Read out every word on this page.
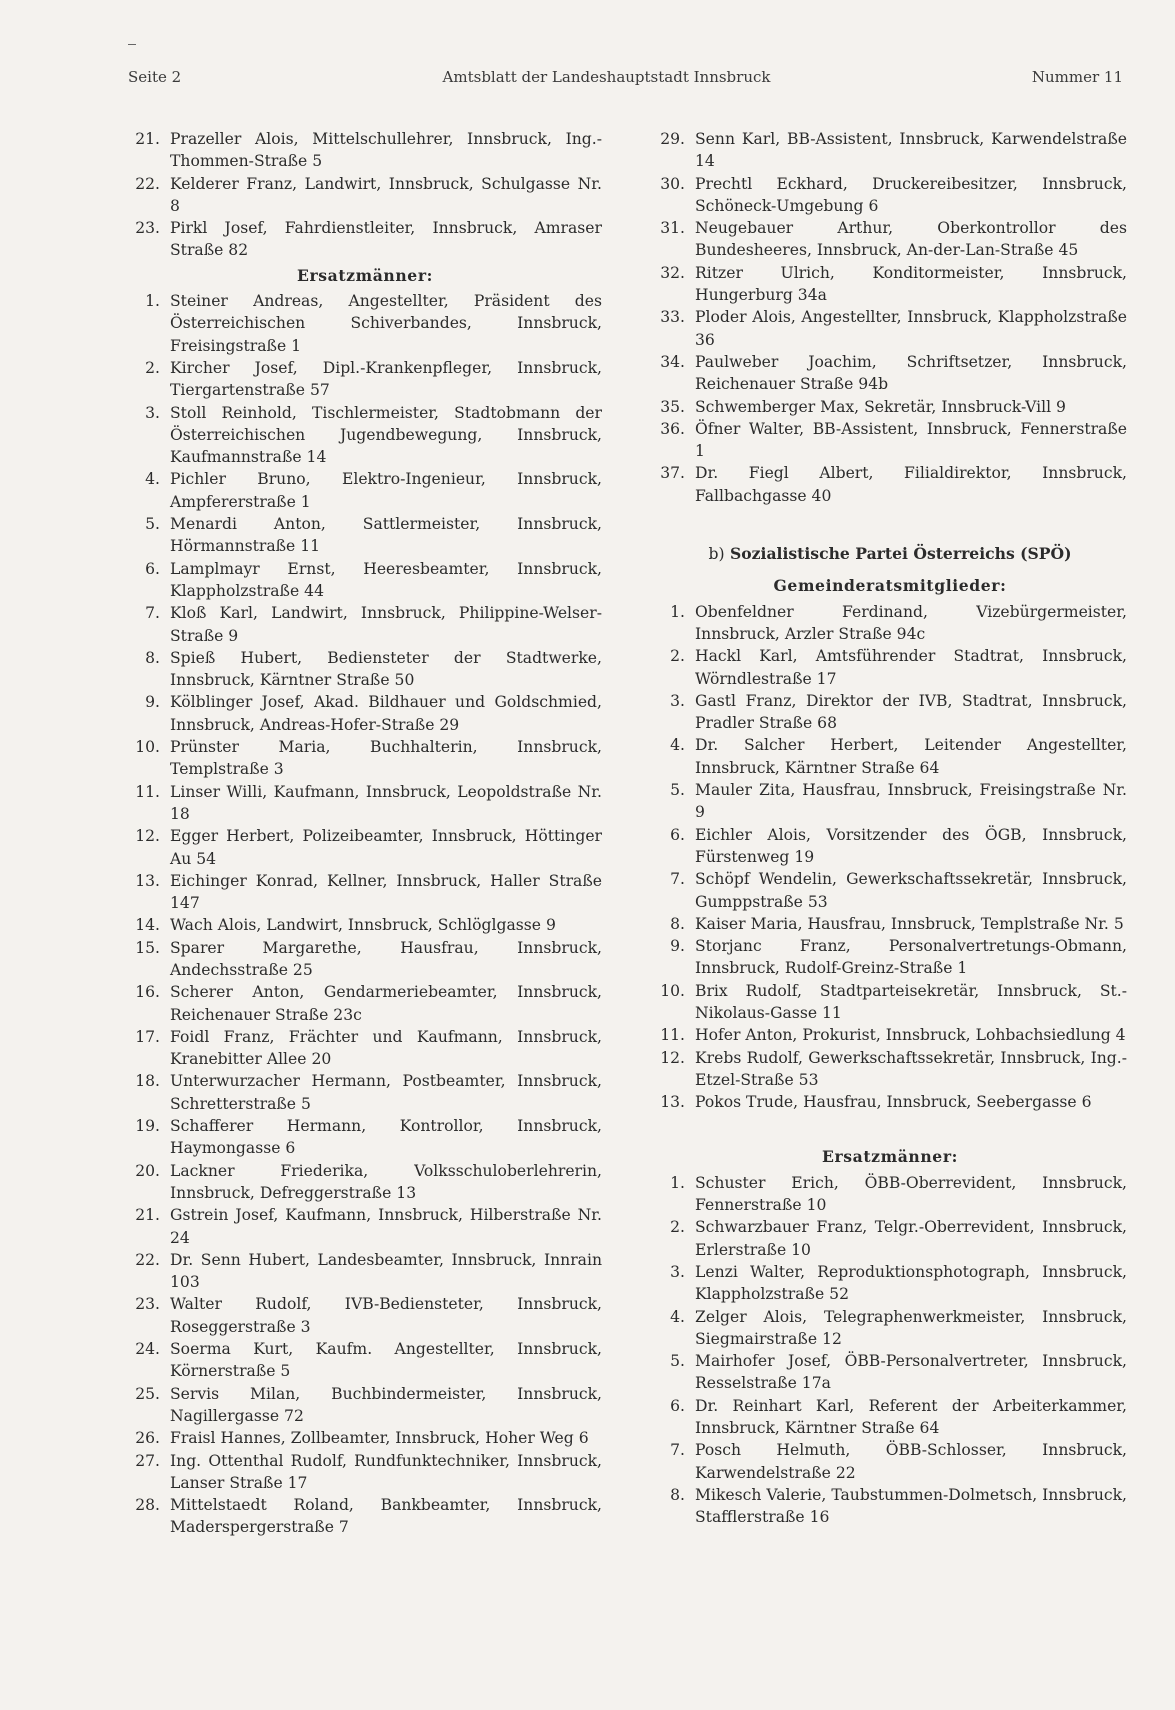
Seite 2	Amtsblatt der Landeshauptstadt Innsbruck	Nummer 11
21. Prazeller Alois, Mittelschullehrer, Innsbruck, Ing.-Thommen-Straße 5
22. Kelderer Franz, Landwirt, Innsbruck, Schulgasse Nr. 8
23. Pirkl Josef, Fahrdienstleiter, Innsbruck, Amraser Straße 82
Ersatzmänner:
1. Steiner Andreas, Angestellter, Präsident des Österreichischen Schiverbandes, Innsbruck, Freisingstraße 1
2. Kircher Josef, Dipl.-Krankenpfleger, Innsbruck, Tiergartenstraße 57
3. Stoll Reinhold, Tischlermeister, Stadtobmann der Österreichischen Jugendbewegung, Innsbruck, Kaufmannstraße 14
4. Pichler Bruno, Elektro-Ingenieur, Innsbruck, Ampfererstraße 1
5. Menardi Anton, Sattlermeister, Innsbruck, Hörmannstraße 11
6. Lamplmayr Ernst, Heeresbeamter, Innsbruck, Klappholzstraße 44
7. Kloß Karl, Landwirt, Innsbruck, Philippine-Welser-Straße 9
8. Spieß Hubert, Bediensteter der Stadtwerke, Innsbruck, Kärntner Straße 50
9. Kölblinger Josef, Akad. Bildhauer und Goldschmied, Innsbruck, Andreas-Hofer-Straße 29
10. Prünster Maria, Buchhalterin, Innsbruck, Templstraße 3
11. Linser Willi, Kaufmann, Innsbruck, Leopoldstraße Nr. 18
12. Egger Herbert, Polizeibeamter, Innsbruck, Höttinger Au 54
13. Eichinger Konrad, Kellner, Innsbruck, Haller Straße 147
14. Wach Alois, Landwirt, Innsbruck, Schlöglgasse 9
15. Sparer Margarethe, Hausfrau, Innsbruck, Andechsstraße 25
16. Scherer Anton, Gendarmeriebeamter, Innsbruck, Reichenauer Straße 23c
17. Foidl Franz, Frächter und Kaufmann, Innsbruck, Kranebitter Allee 20
18. Unterwurzacher Hermann, Postbeamter, Innsbruck, Schretterstraße 5
19. Schafferer Hermann, Kontrollor, Innsbruck, Haymongasse 6
20. Lackner Friederika, Volksschuloberlehrerin, Innsbruck, Defreggerstraße 13
21. Gstrein Josef, Kaufmann, Innsbruck, Hilberstraße Nr. 24
22. Dr. Senn Hubert, Landesbeamter, Innsbruck, Innrain 103
23. Walter Rudolf, IVB-Bediensteter, Innsbruck, Roseggerstraße 3
24. Soerma Kurt, Kaufm. Angestellter, Innsbruck, Körnerstraße 5
25. Servis Milan, Buchbindermeister, Innsbruck, Nagillergasse 72
26. Fraisl Hannes, Zollbeamter, Innsbruck, Hoher Weg 6
27. Ing. Ottenthal Rudolf, Rundfunktechniker, Innsbruck, Lanser Straße 17
28. Mittelstaedt Roland, Bankbeamter, Innsbruck, Maderspergerstraße 7
29. Senn Karl, BB-Assistent, Innsbruck, Karwendelstraße 14
30. Prechtl Eckhard, Druckereibesitzer, Innsbruck, Schöneck-Umgebung 6
31. Neugebauer Arthur, Oberkontrollor des Bundesheeres, Innsbruck, An-der-Lan-Straße 45
32. Ritzer Ulrich, Konditormeister, Innsbruck, Hungerburg 34a
33. Ploder Alois, Angestellter, Innsbruck, Klappholzstraße 36
34. Paulweber Joachim, Schriftsetzer, Innsbruck, Reichenauer Straße 94b
35. Schwemberger Max, Sekretär, Innsbruck-Vill 9
36. Öfner Walter, BB-Assistent, Innsbruck, Fennerstraße 1
37. Dr. Fiegl Albert, Filialdirektor, Innsbruck, Fallbachgasse 40
b) Sozialistische Partei Österreichs (SPÖ)
Gemeinderatsmitglieder:
1. Obenfeldner Ferdinand, Vizebürgermeister, Innsbruck, Arzler Straße 94c
2. Hackl Karl, Amtsführender Stadtrat, Innsbruck, Wörndlestraße 17
3. Gastl Franz, Direktor der IVB, Stadtrat, Innsbruck, Pradler Straße 68
4. Dr. Salcher Herbert, Leitender Angestellter, Innsbruck, Kärntner Straße 64
5. Mauler Zita, Hausfrau, Innsbruck, Freisingstraße Nr. 9
6. Eichler Alois, Vorsitzender des ÖGB, Innsbruck, Fürstenweg 19
7. Schöpf Wendelin, Gewerkschaftssekretär, Innsbruck, Gumppstraße 53
8. Kaiser Maria, Hausfrau, Innsbruck, Templstraße Nr. 5
9. Storjanc Franz, Personalvertretungs-Obmann, Innsbruck, Rudolf-Greinz-Straße 1
10. Brix Rudolf, Stadtparteisekretär, Innsbruck, St.-Nikolaus-Gasse 11
11. Hofer Anton, Prokurist, Innsbruck, Lohbachsiedlung 4
12. Krebs Rudolf, Gewerkschaftssekretär, Innsbruck, Ing.-Etzel-Straße 53
13. Pokos Trude, Hausfrau, Innsbruck, Seebergasse 6
Ersatzmänner:
1. Schuster Erich, ÖBB-Oberrevident, Innsbruck, Fennerstraße 10
2. Schwarzbauer Franz, Telgr.-Oberrevident, Innsbruck, Erlerstraße 10
3. Lenzi Walter, Reproduktionsphotograph, Innsbruck, Klappholzstraße 52
4. Zelger Alois, Telegraphenwerkmeister, Innsbruck, Siegmairstraße 12
5. Mairhofer Josef, ÖBB-Personalvertreter, Innsbruck, Resselstraße 17a
6. Dr. Reinhart Karl, Referent der Arbeiterkammer, Innsbruck, Kärntner Straße 64
7. Posch Helmuth, ÖBB-Schlosser, Innsbruck, Karwendelstraße 22
8. Mikesch Valerie, Taubstummen-Dolmetsch, Innsbruck, Stafflerstraße 16
